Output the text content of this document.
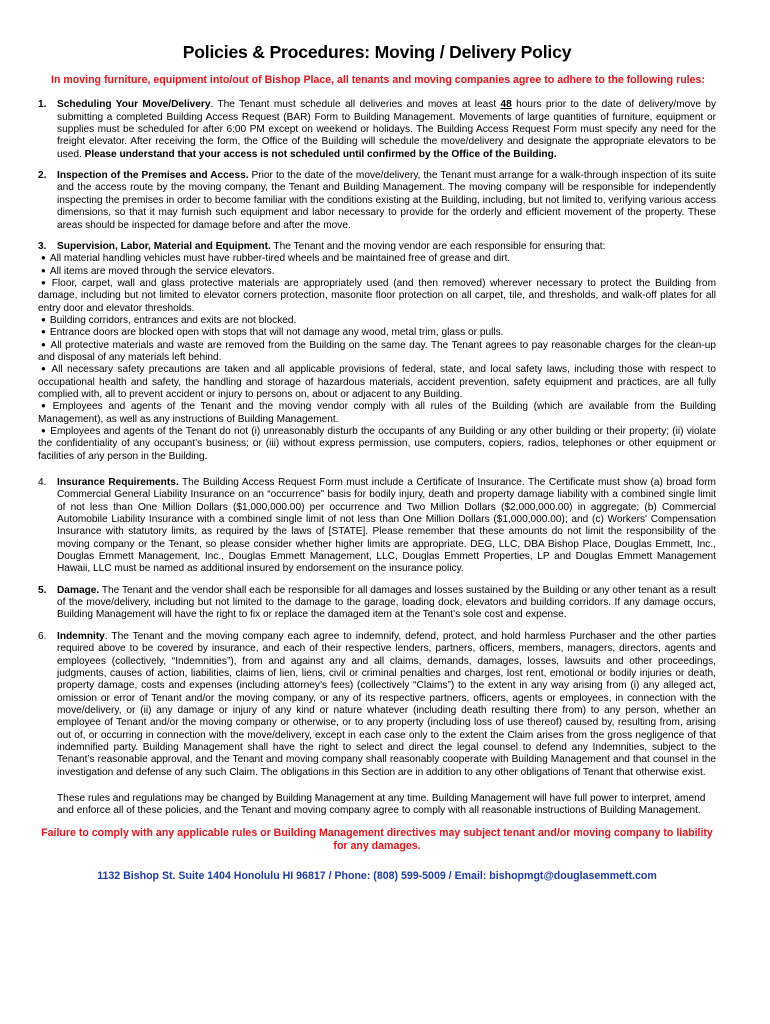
Policies & Procedures: Moving / Delivery Policy
In moving furniture, equipment into/out of Bishop Place, all tenants and moving companies agree to adhere to the following rules:

1. Scheduling Your Move/Delivery. The Tenant must schedule all deliveries and moves at least 48 hours prior to the date of delivery/move by submitting a completed Building Access Request (BAR) Form to Building Management. Movements of large quantities of furniture, equipment or supplies must be scheduled for after 6:00 PM except on weekend or holidays. The Building Access Request Form must specify any need for the freight elevator. After receiving the form, the Office of the Building will schedule the move/delivery and designate the appropriate elevators to be used. Please understand that your access is not scheduled until confirmed by the Office of the Building.

2. Inspection of the Premises and Access. Prior to the date of the move/delivery, the Tenant must arrange for a walk-through inspection of its suite and the access route by the moving company, the Tenant and Building Management. The moving company will be responsible for independently inspecting the premises in order to become familiar with the conditions existing at the Building, including, but not limited to, verifying various access dimensions, so that it may furnish such equipment and labor necessary to provide for the orderly and efficient movement of the property. These areas should be inspected for damage before and after the move.

3. Supervision, Labor, Material and Equipment. The Tenant and the moving vendor are each responsible for ensuring that:

● All material handling vehicles must have rubber-tired wheels and be maintained free of grease and dirt.

● All items are moved through the service elevators.

● Floor, carpet, wall and glass protective materials are appropriately used (and then removed) wherever necessary to protect the Building from damage, including but not limited to elevator corners protection, masonite floor protection on all carpet, tile, and thresholds, and walk-off plates for all entry door and elevator thresholds.

● Building corridors, entrances and exits are not blocked.

● Entrance doors are blocked open with stops that will not damage any wood, metal trim, glass or pulls.

● All protective materials and waste are removed from the Building on the same day. The Tenant agrees to pay reasonable charges for the clean-up and disposal of any materials left behind.

● All necessary safety precautions are taken and all applicable provisions of federal, state, and local safety laws, including those with respect to occupational health and safety, the handling and storage of hazardous materials, accident prevention, safety equipment and practices, are all fully complied with, all to prevent accident or injury to persons on, about or adjacent to any Building.

● Employees and agents of the Tenant and the moving vendor comply with all rules of the Building (which are available from the Building Management), as well as any instructions of Building Management.

● Employees and agents of the Tenant do not (i) unreasonably disturb the occupants of any Building or any other building or their property; (ii) violate the confidentiality of any occupant’s business; or (iii) without express permission, use computers, copiers, radios, telephones or other equipment or facilities of any person in the Building.

4. Insurance Requirements. The Building Access Request Form must include a Certificate of Insurance. The Certificate must show (a) broad form Commercial General Liability Insurance on an “occurrence” basis for bodily injury, death and property damage liability with a combined single limit of not less than One Million Dollars ($1,000,000.00) per occurrence and Two Million Dollars ($2,000,000.00) in aggregate; (b) Commercial Automobile Liability Insurance with a combined single limit of not less than One Million Dollars ($1,000,000.00); and (c) Workers' Compensation Insurance with statutory limits, as required by the laws of [STATE]. Please remember that these amounts do not limit the responsibility of the moving company or the Tenant, so please consider whether higher limits are appropriate. DEG, LLC, DBA Bishop Place, Douglas Emmett, Inc., Douglas Emmett Management, Inc., Douglas Emmett Management, LLC, Douglas Emmett Properties, LP and Douglas Emmett Management Hawaii, LLC must be named as additional insured by endorsement on the insurance policy.

5. Damage. The Tenant and the vendor shall each be responsible for all damages and losses sustained by the Building or any other tenant as a result of the move/delivery, including but not limited to the damage to the garage, loading dock, elevators and building corridors. If any damage occurs, Building Management will have the right to fix or replace the damaged item at the Tenant’s sole cost and expense.

6. Indemnity. The Tenant and the moving company each agree to indemnify, defend, protect, and hold harmless Purchaser and the other parties required above to be covered by insurance, and each of their respective lenders, partners, officers, members, managers, directors, agents and employees (collectively, “Indemnities”), from and against any and all claims, demands, damages, losses, lawsuits and other proceedings, judgments, causes of action, liabilities, claims of lien, liens, civil or criminal penalties and charges, lost rent, emotional or bodily injuries or death, property damage, costs and expenses (including attorney’s fees) (collectively “Claims”) to the extent in any way arising from (i) any alleged act, omission or error of Tenant and/or the moving company, or any of its respective partners, officers, agents or employees, in connection with the move/delivery, or (ii) any damage or injury of any kind or nature whatever (including death resulting there from) to any person, whether an employee of Tenant and/or the moving company or otherwise, or to any property (including loss of use thereof) caused by, resulting from, arising out of, or occurring in connection with the move/delivery, except in each case only to the extent the Claim arises from the gross negligence of that indemnified party. Building Management shall have the right to select and direct the legal counsel to defend any Indemnities, subject to the Tenant’s reasonable approval, and the Tenant and moving company shall reasonably cooperate with Building Management and that counsel in the investigation and defense of any such Claim. The obligations in this Section are in addition to any other obligations of Tenant that otherwise exist.

These rules and regulations may be changed by Building Management at any time. Building Management will have full power to interpret, amend and enforce all of these policies, and the Tenant and moving company agree to comply with all reasonable instructions of Building Management.
Failure to comply with any applicable rules or Building Management directives may subject tenant and/or moving company to liability for any damages.
1132 Bishop St. Suite 1404 Honolulu HI 96817 / Phone: (808) 599-5009 / Email: bishopmgt@douglasemmett.com
